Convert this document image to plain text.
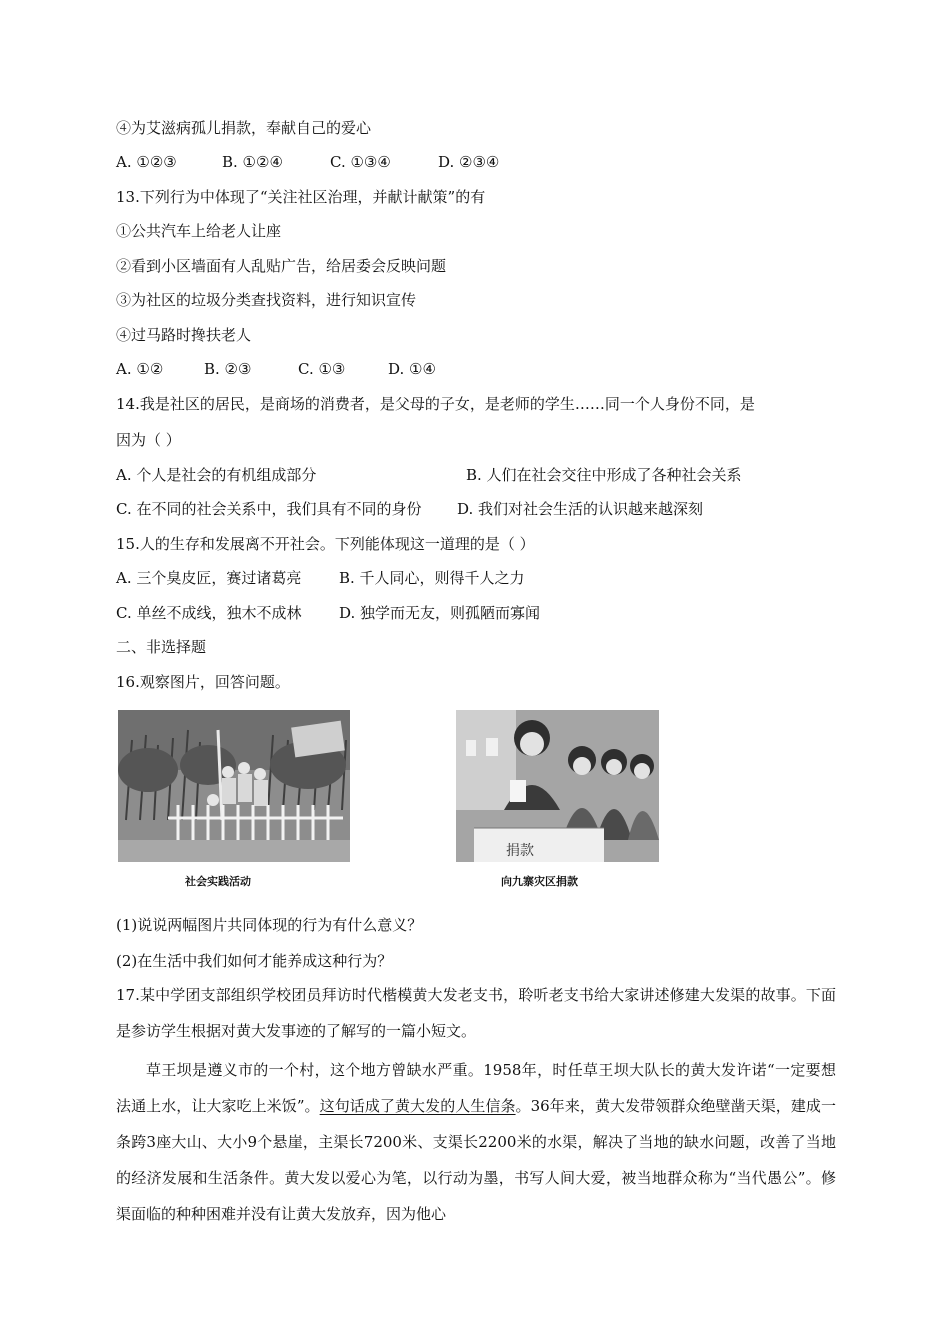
④为艾滋病孤儿捐款，奉献自己的爱心
A. ①②③	B. ①②④	C. ①③④	D. ②③④
13.下列行为中体现了“关注社区治理，并献计献策”的有
①公共汽车上给老人让座
②看到小区墙面有人乱贴广告，给居委会反映问题
③为社区的垃圾分类查找资料，进行知识宣传
④过马路时搀扶老人
A. ①②	B. ②③	C. ①③	D. ①④
14.我是社区的居民，是商场的消费者，是父母的子女，是老师的学生……同一个人身份不同，是
因为（ ）
A. 个人是社会的有机组成部分	B. 人们在社会交往中形成了各种社会关系
C. 在不同的社会关系中，我们具有不同的身份 D. 我们对社会生活的认识越来越深刻
15.人的生存和发展离不开社会。下列能体现这一道理的是（ ）
A. 三个臭皮匠，赛过诸葛亮	B. 千人同心，则得千人之力
C. 单丝不成线，独木不成林	D. 独学而无友，则孤陋而寡闻
二、非选择题
16.观察图片，回答问题。
社会实践活动
捐款
向九寨灾区捐款
(1)说说两幅图片共同体现的行为有什么意义？
(2)在生活中我们如何才能养成这种行为？
17.某中学团支部组织学校团员拜访时代楷模黄大发老支书，聆听老支书给大家讲述修建大发渠的故事。下面是参访学生根据对黄大发事迹的了解写的一篇小短文。
草王坝是遵义市的一个村，这个地方曾缺水严重。1958年，时任草王坝大队长的黄大发许诺“一定要想法通上水，让大家吃上米饭”。这句话成了黄大发的人生信条。36年来，黄大发带领群众绝壁凿天渠，建成一条跨3座大山、大小9个悬崖，主渠长7200米、支渠长2200米的水渠，解决了当地的缺水问题，改善了当地的经济发展和生活条件。黄大发以爱心为笔，以行动为墨，书写人间大爱，被当地群众称为“当代愚公”。修渠面临的种种困难并没有让黄大发放弃，因为他心
